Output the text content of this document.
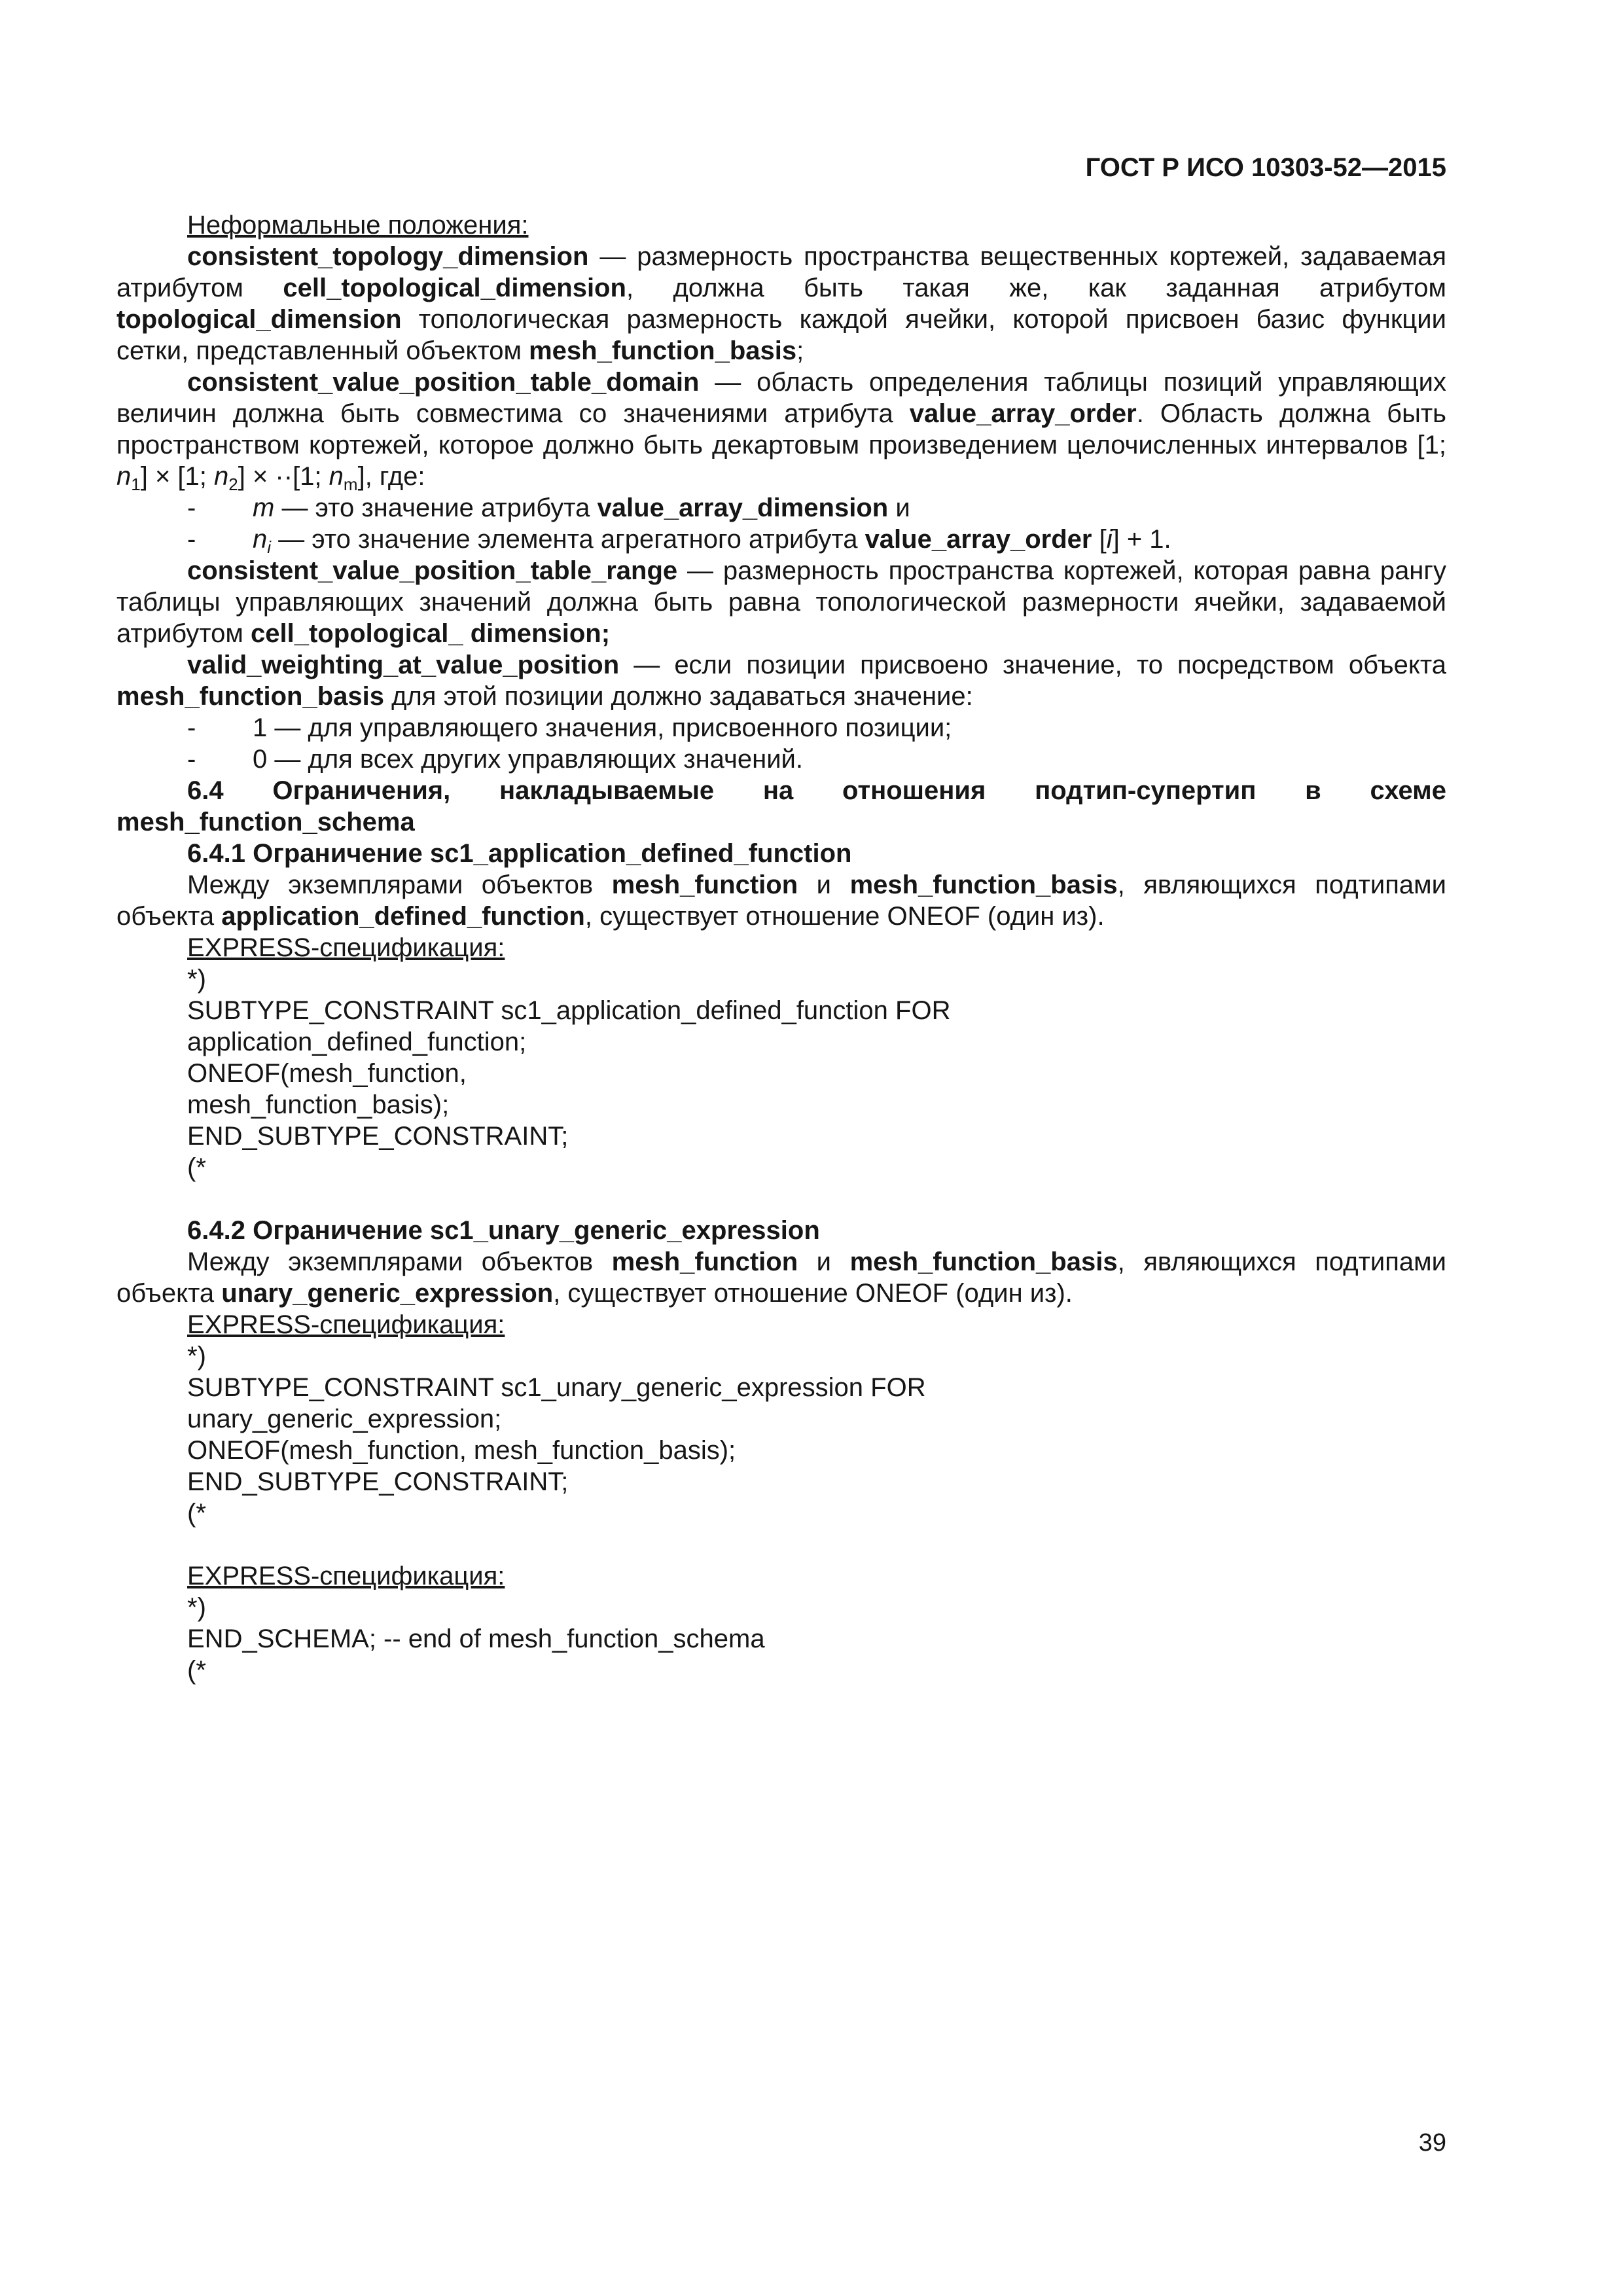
ГОСТ Р ИСО 10303-52—2015

Неформальные положения:

consistent_topology_dimension — размерность пространства вещественных кортежей, задаваемая атрибутом cell_topological_dimension, должна быть такая же, как заданная атрибутом topological_dimension топологическая размерность каждой ячейки, которой присвоен базис функции сетки, представленный объектом mesh_function_basis;

consistent_value_position_table_domain — область определения таблицы позиций управляющих величин должна быть совместима со значениями атрибута value_array_order. Область должна быть пространством кортежей, которое должно быть декартовым произведением целочисленных интервалов [1; $n_1] \times [1$; $n_2] \times \cdot\cdot[1$; $n_m$], где:

- m — это значение атрибута value_array_dimension и

- $n_i$ — это значение элемента агрегатного атрибута value_array_order [i] + 1.

consistent_value_position_table_range — размерность пространства кортежей, которая равна рангу таблицы управляющих значений должна быть равна топологической размерности ячейки, задаваемой атрибутом cell_topological_ dimension;

valid_weighting_at_value_position — если позиции присвоено значение, то посредством объекта mesh_function_basis для этой позиции должно задаваться значение:

- 1 — для управляющего значения, присвоенного позиции;

- 0 — для всех других управляющих значений.

6.4 Ограничения, накладываемые на отношения подтип-супертип в схеме mesh_function_schema

6.4.1 Ограничение sc1_application_defined_function

Между экземплярами объектов mesh_function и mesh_function_basis, являющихся подтипами объекта application_defined_function, существует отношение ONEOF (один из).

EXPRESS-спецификация:

*)

SUBTYPE_CONSTRAINT sc1_application_defined_function FOR

application_defined_function;

ONEOF(mesh_function,

mesh_function_basis);

END_SUBTYPE_CONSTRAINT;

(*

6.4.2 Ограничение sc1_unary_generic_expression

Между экземплярами объектов mesh_function и mesh_function_basis, являющихся подтипами объекта unary_generic_expression, существует отношение ONEOF (один из).

EXPRESS-спецификация:

*)

SUBTYPE_CONSTRAINT sc1_unary_generic_expression FOR

unary_generic_expression;

ONEOF(mesh_function, mesh_function_basis);

END_SUBTYPE_CONSTRAINT;

(*

EXPRESS-спецификация:

*)

END_SCHEMA; -- end of mesh_function_schema

(*

39
